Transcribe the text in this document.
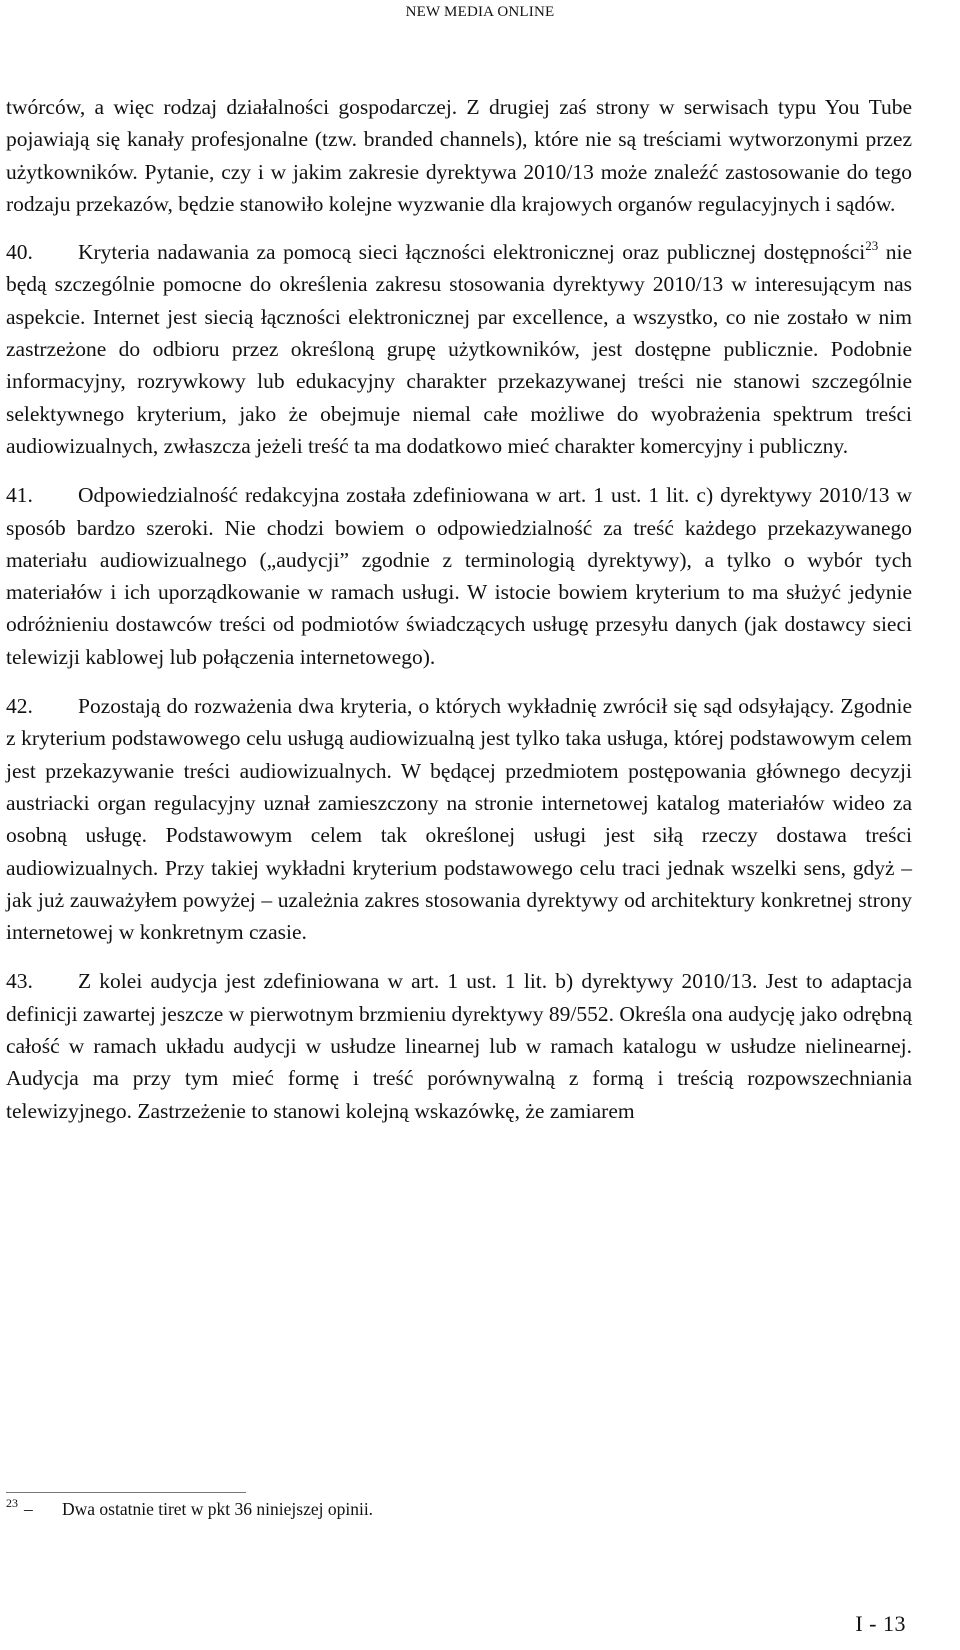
NEW MEDIA ONLINE

twórców, a więc rodzaj działalności gospodarczej. Z drugiej zaś strony w serwisach typu You Tube pojawiają się kanały profesjonalne (tzw. branded channels), które nie są treściami wytworzonymi przez użytkowników. Pytanie, czy i w jakim zakresie dyrektywa 2010/13 może znaleźć zastosowanie do tego rodzaju przekazów, będzie stanowiło kolejne wyzwanie dla krajowych organów regulacyjnych i sądów.

40. Kryteria nadawania za pomocą sieci łączności elektronicznej oraz publicznej dostępności$^{23}$ nie będą szczególnie pomocne do określenia zakresu stosowania dyrektywy 2010/13 w interesującym nas aspekcie. Internet jest siecią łączności elektronicznej par excellence, a wszystko, co nie zostało w nim zastrzeżone do odbioru przez określoną grupę użytkowników, jest dostępne publicznie. Podobnie informacyjny, rozrywkowy lub edukacyjny charakter przekazywanej treści nie stanowi szczególnie selektywnego kryterium, jako że obejmuje niemal całe możliwe do wyobrażenia spektrum treści audiowizualnych, zwłaszcza jeżeli treść ta ma dodatkowo mieć charakter komercyjny i publiczny.

41. Odpowiedzialność redakcyjna została zdefiniowana w art. 1 ust. 1 lit. c) dyrektywy 2010/13 w sposób bardzo szeroki. Nie chodzi bowiem o odpowiedzialność za treść każdego przekazywanego materiału audiowizualnego („audycji” zgodnie z terminologią dyrektywy), a tylko o wybór tych materiałów i ich uporządkowanie w ramach usługi. W istocie bowiem kryterium to ma służyć jedynie odróżnieniu dostawców treści od podmiotów świadczących usługę przesyłu danych (jak dostawcy sieci telewizji kablowej lub połączenia internetowego).

42. Pozostają do rozważenia dwa kryteria, o których wykładnię zwrócił się sąd odsyłający. Zgodnie z kryterium podstawowego celu usługą audiowizualną jest tylko taka usługa, której podstawowym celem jest przekazywanie treści audiowizualnych. W będącej przedmiotem postępowania głównego decyzji austriacki organ regulacyjny uznał zamieszczony na stronie internetowej katalog materiałów wideo za osobną usługę. Podstawowym celem tak określonej usługi jest siłą rzeczy dostawa treści audiowizualnych. Przy takiej wykładni kryterium podstawowego celu traci jednak wszelki sens, gdyż – jak już zauważyłem powyżej – uzależnia zakres stosowania dyrektywy od architektury konkretnej strony internetowej w konkretnym czasie.

43. Z kolei audycja jest zdefiniowana w art. 1 ust. 1 lit. b) dyrektywy 2010/13. Jest to adaptacja definicji zawartej jeszcze w pierwotnym brzmieniu dyrektywy 89/552. Określa ona audycję jako odrębną całość w ramach układu audycji w usłudze linearnej lub w ramach katalogu w usłudze nielinearnej. Audycja ma przy tym mieć formę i treść porównywalną z formą i treścią rozpowszechniania telewizyjnego. Zastrzeżenie to stanowi kolejną wskazówkę, że zamiarem

$^{23}$ – Dwa ostatnie tiret w pkt 36 niniejszej opinii.
I - 13
